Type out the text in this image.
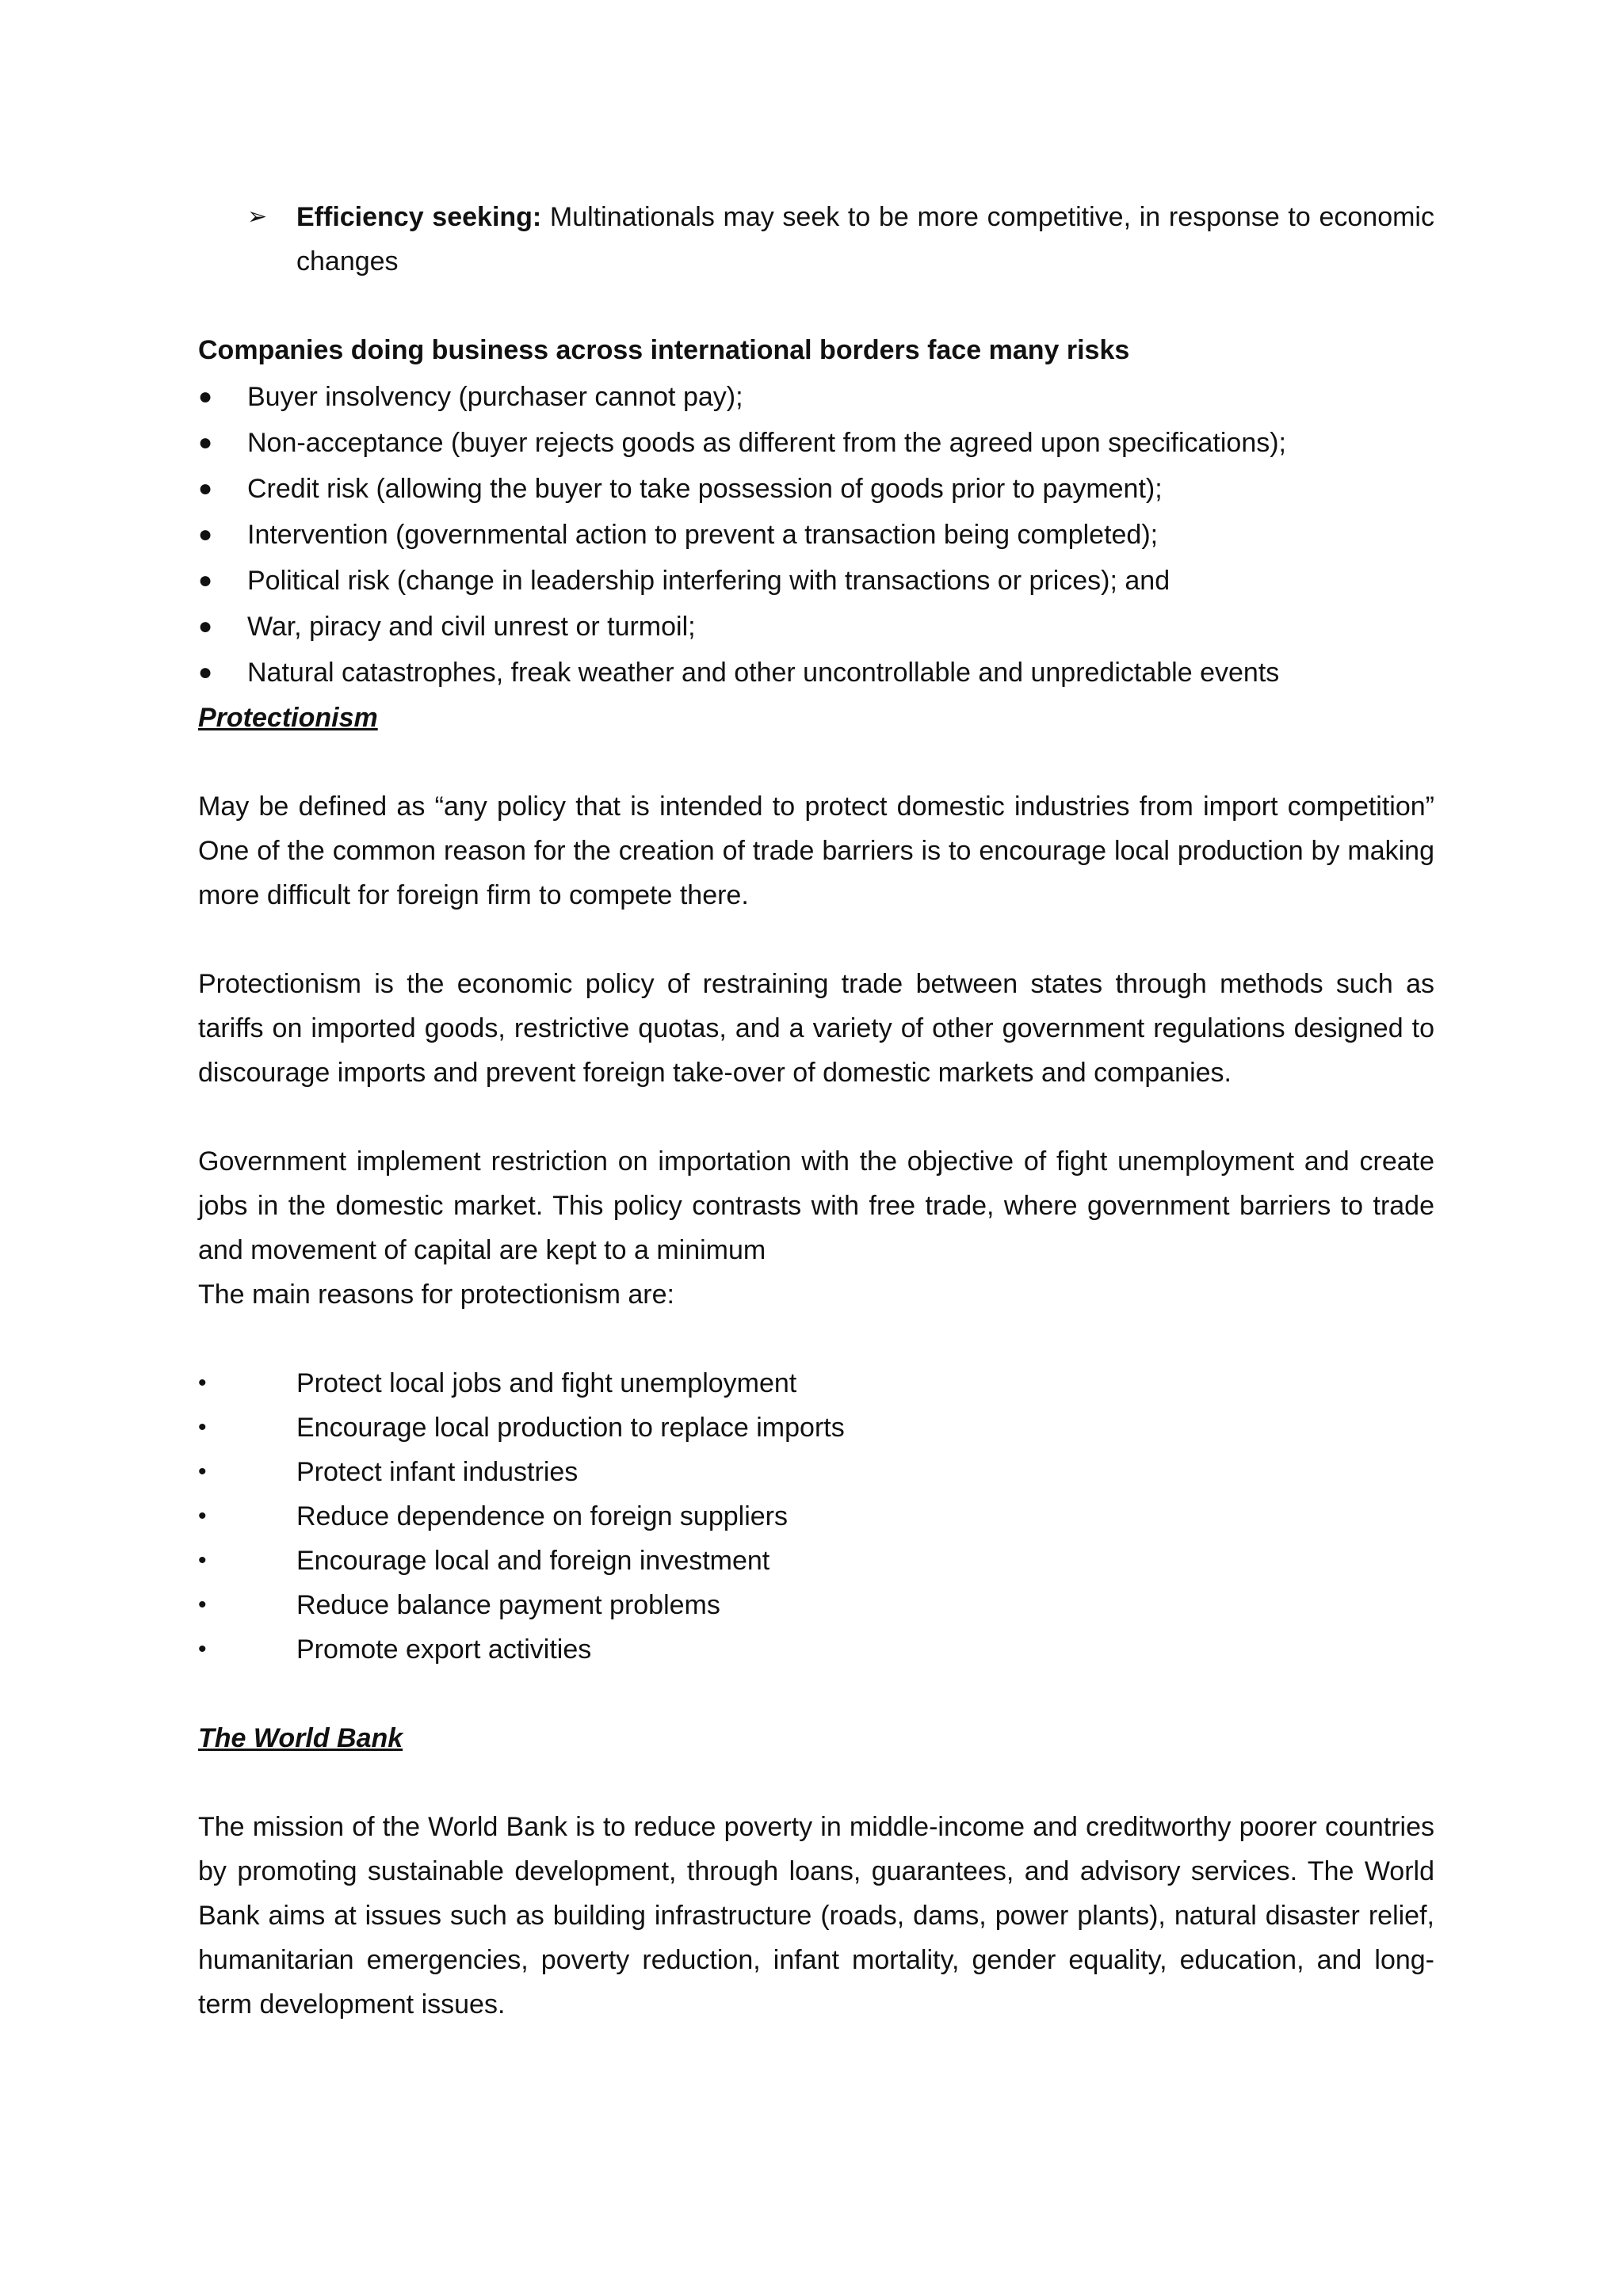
➢	Efficiency seeking: Multinationals may seek to be more competitive, in response to economic changes
Companies doing business across international borders face many risks
●	Buyer insolvency (purchaser cannot pay);
●	Non-acceptance (buyer rejects goods as different from the agreed upon specifications);
●	Credit risk (allowing the buyer to take possession of goods prior to payment);
●	Intervention (governmental action to prevent a transaction being completed);
●	Political risk (change in leadership interfering with transactions or prices); and
●	War, piracy and civil unrest or turmoil;
●	Natural catastrophes, freak weather and other uncontrollable and unpredictable events
Protectionism
May be defined as “any policy that is intended to protect domestic industries from import competition” One of the common reason for the creation of trade barriers is to encourage local production by making more difficult for foreign firm to compete there.
Protectionism is the economic policy of restraining trade between states through methods such as tariffs on imported goods, restrictive quotas, and a variety of other government regulations designed to discourage imports and prevent foreign take-over of domestic markets and companies.
Government implement restriction on importation with the objective of fight unemployment and create jobs in the domestic market. This policy contrasts with free trade, where government barriers to trade and movement of capital are kept to a minimum
The main reasons for protectionism are:
•	Protect local jobs and fight unemployment
•	Encourage local production to replace imports
•	Protect infant industries
•	Reduce dependence on foreign suppliers
•	Encourage local and foreign investment
•	Reduce balance payment problems
•	Promote export activities
The World Bank
The mission of the World Bank is to reduce poverty in middle-income and creditworthy poorer countries by promoting sustainable development, through loans, guarantees, and advisory services. The World Bank aims at issues such as building infrastructure (roads, dams, power plants), natural disaster relief, humanitarian emergencies, poverty reduction, infant mortality, gender equality, education, and long-term development issues.
